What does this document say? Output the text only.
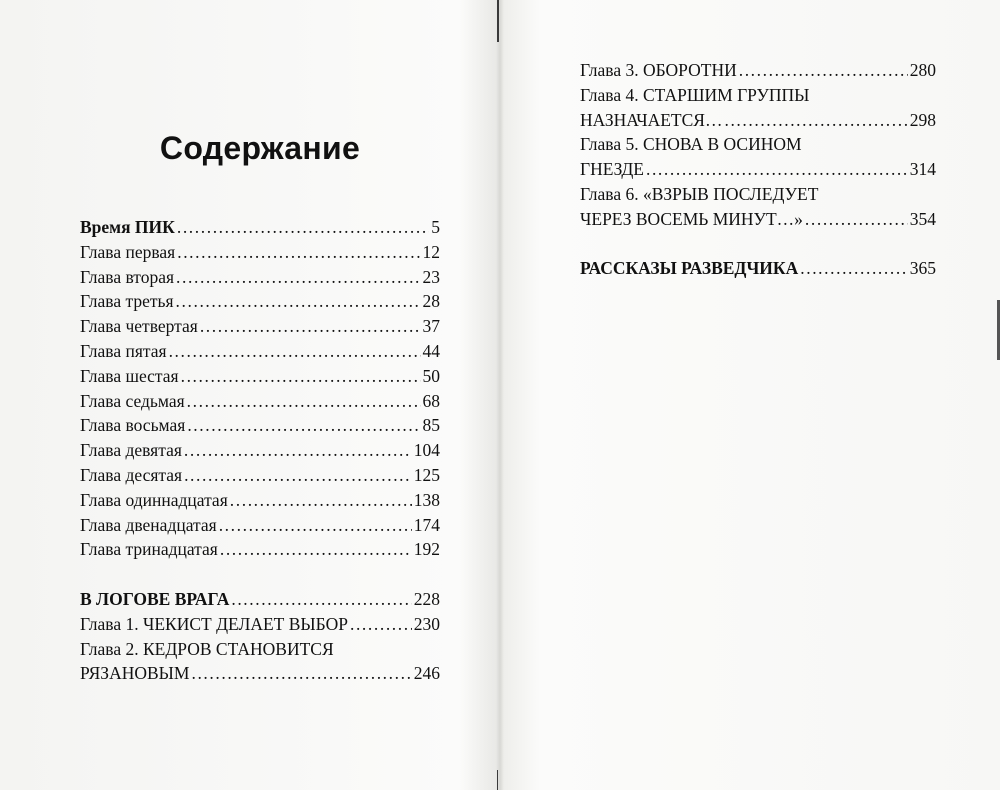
Содержание
Время ПИК .....	5
Глава первая .....	12
Глава вторая .....	23
Глава третья .....	28
Глава четвертая .....	37
Глава пятая .....	44
Глава шестая .....	50
Глава седьмая .....	68
Глава восьмая .....	85
Глава девятая .....	104
Глава десятая .....	125
Глава одиннадцатая .....	138
Глава двенадцатая .....	174
Глава тринадцатая .....	192
В ЛОГОВЕ ВРАГА .....	228
Глава 1. ЧЕКИСТ ДЕЛАЕТ ВЫБОР .....	230
Глава 2. КЕДРОВ СТАНОВИТСЯ
РЯЗАНОВЫМ .....	246
Глава 3. ОБОРОТНИ .....	280
Глава 4. СТАРШИМ ГРУППЫ
НАЗНАЧАЕТСЯ… .....	298
Глава 5. СНОВА В ОСИНОМ
ГНЕЗДЕ .....	314
Глава 6. «ВЗРЫВ ПОСЛЕДУЕТ
ЧЕРЕЗ ВОСЕМЬ МИНУТ…» .....	354
РАССКАЗЫ РАЗВЕДЧИКА .....	365
